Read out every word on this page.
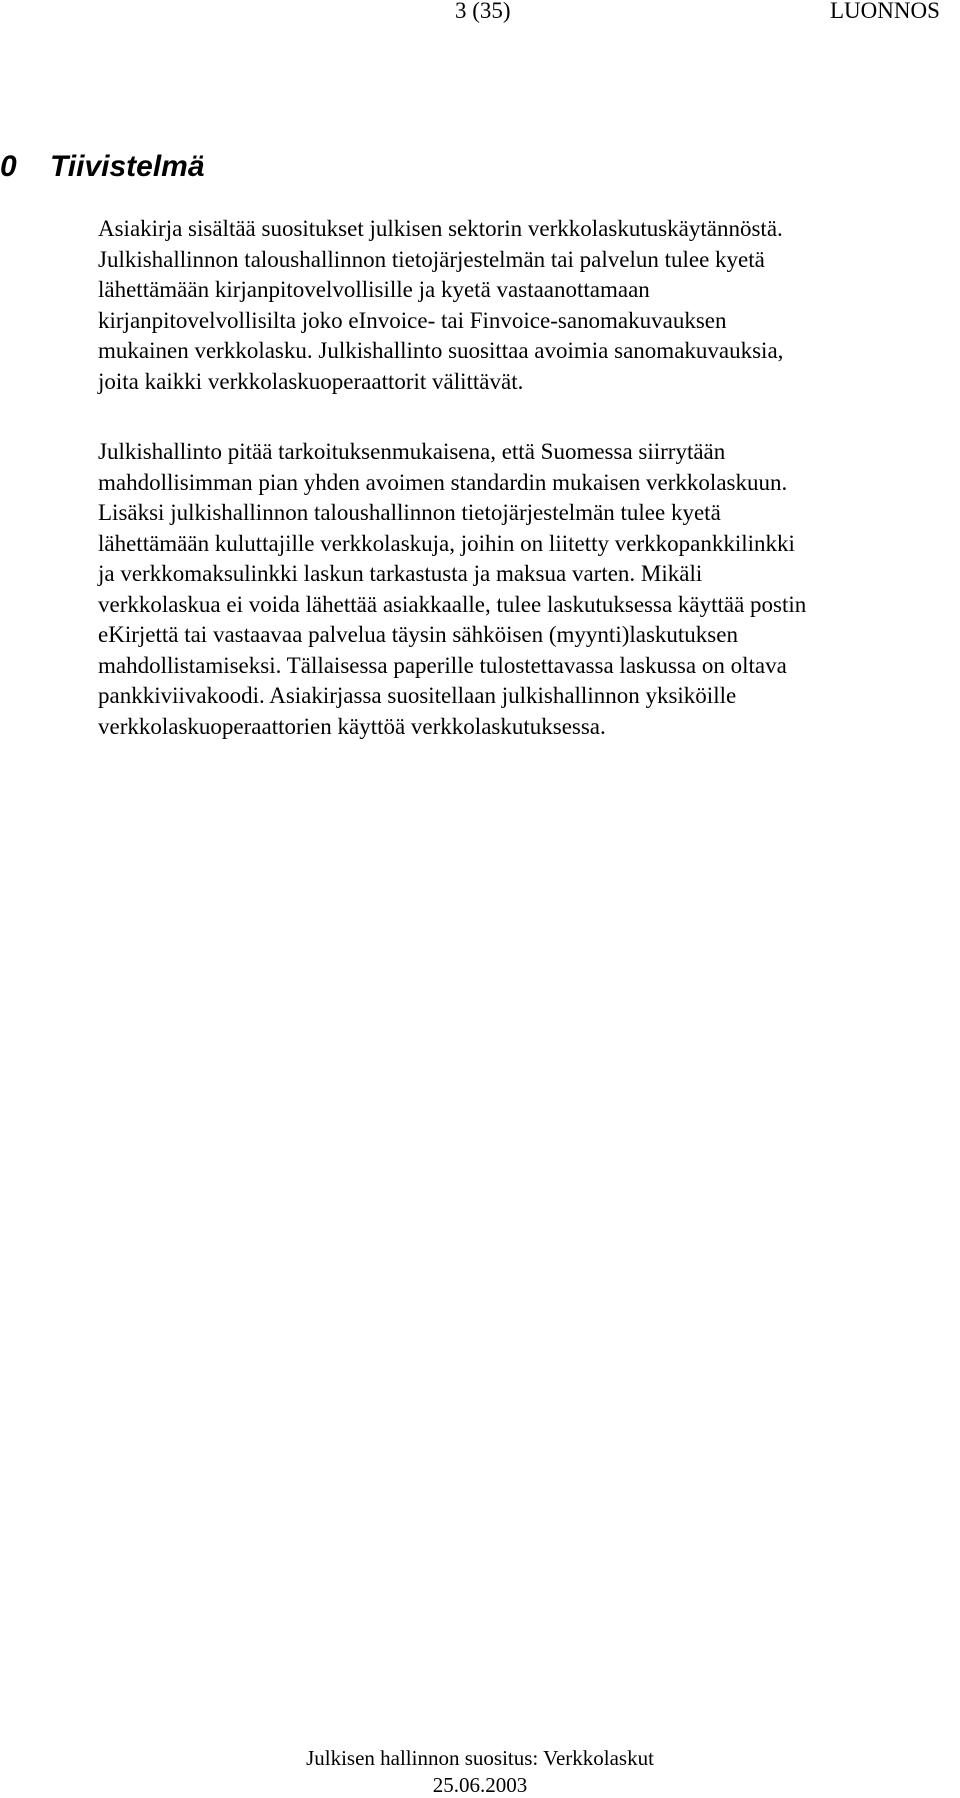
3 (35)	LUONNOS
0 Tiivistelmä

Asiakirja sisältää suositukset julkisen sektorin verkkolaskutuskäytännöstä.
Julkishallinnon taloushallinnon tietojärjestelmän tai palvelun tulee kyetä
lähettämään kirjanpitovelvollisille ja kyetä vastaanottamaan
kirjanpitovelvollisilta joko eInvoice- tai Finvoice-sanomakuvauksen
mukainen verkkolasku. Julkishallinto suosittaa avoimia sanomakuvauksia,
joita kaikki verkkolaskuoperaattorit välittävät.

Julkishallinto pitää tarkoituksenmukaisena, että Suomessa siirrytään
mahdollisimman pian yhden avoimen standardin mukaisen verkkolaskuun.
Lisäksi julkishallinnon taloushallinnon tietojärjestelmän tulee kyetä
lähettämään kuluttajille verkkolaskuja, joihin on liitetty verkkopankkilinkki
ja verkkomaksulinkki laskun tarkastusta ja maksua varten. Mikäli
verkkolaskua ei voida lähettää asiakkaalle, tulee laskutuksessa käyttää postin
eKirjettä tai vastaavaa palvelua täysin sähköisen (myynti)laskutuksen
mahdollistamiseksi. Tällaisessa paperille tulostettavassa laskussa on oltava
pankkiviivakoodi. Asiakirjassa suositellaan julkishallinnon yksiköille
verkkolaskuoperaattorien käyttöä verkkolaskutuksessa.

Julkisen hallinnon suositus: Verkkolaskut
25.06.2003
